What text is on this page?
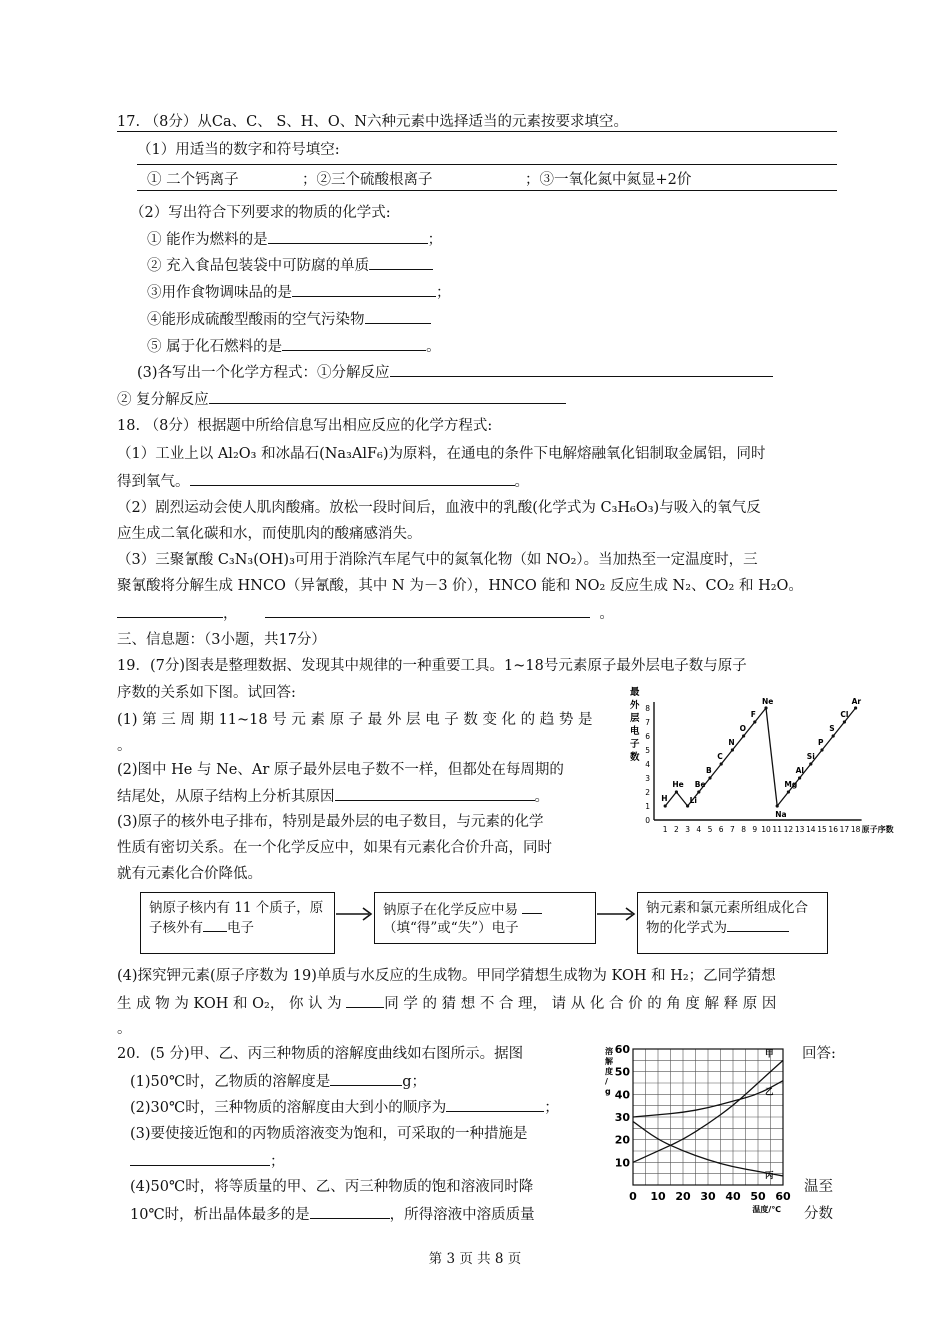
17. （8分）从Ca、C、 S、H、O、N六种元素中选择适当的元素按要求填空。
（1）用适当的数字和符号填空:
① 二个钙离子	；②三个硫酸根离子	；③一氧化氮中氮显+2价
（2）写出符合下列要求的物质的化学式:
① 能作为燃料的是	；
② 充入食品包装袋中可防腐的单质
③用作食物调味品的是	；
④能形成硫酸型酸雨的空气污染物
⑤ 属于化石燃料的是	。
(3)各写出一个化学方程式：①分解反应
② 复分解反应
18. （8分）根据题中所给信息写出相应反应的化学方程式:
（1）工业上以 Al₂O₃ 和冰晶石(Na₃AlF₆)为原料，在通电的条件下电解熔融氧化铝制取金属铝，同时
得到氧气。	。
（2）剧烈运动会使人肌肉酸痛。放松一段时间后，血液中的乳酸(化学式为 C₃H₆O₃)与吸入的氧气反
应生成二氧化碳和水，而使肌肉的酸痛感消失。
（3）三聚氰酸 C₃N₃(OH)₃可用于消除汽车尾气中的氮氧化物（如 NO₂）。当加热至一定温度时，三
聚氰酸将分解生成 HNCO（异氰酸，其中 N 为－3 价），HNCO 能和 NO₂ 反应生成 N₂、CO₂ 和 H₂O。
，	。
三、信息题：（3小题，共17分）
19．(7分)图表是整理数据、发现其中规律的一种重要工具。1~18号元素原子最外层电子数与原子
序数的关系如下图。试回答:
(1) 第 三 周 期 11~18 号 元 素 原 子 最 外 层 电 子 数 变 化 的 趋 势 是
。
(2)图中 He 与 Ne、Ar 原子最外层电子数不一样，但都处在每周期的
结尾处，从原子结构上分析其原因	。
(3)原子的核外电子排布，特别是最外层的电子数目，与元素的化学
性质有密切关系。在一个化学反应中，如果有元素化合价升高，同时
就有元素化合价降低。
最
外
层
电
子
数
0
1
2
3
4
5
6
7
8
1 2 3 4 5 6 7 8 9 10 11 12 13 14 15 16 17 18 原子序数
H
He
Li
Be
B
C
N
O
F
Ne
Na
Mg
Al
Si
P
S
Cl
Ar
钠原子核内有 11 个质子，原
子核外有 电子
钠原子在化学反应中易
（填“得”或“失”）电子
钠元素和氯元素所组成化合
物的化学式为
(4)探究钾元素(原子序数为 19)单质与水反应的生成物。甲同学猜想生成物为 KOH 和 H₂；乙同学猜想
生 成 物 为 KOH 和 O₂， 你 认 为	同 学 的 猜 想 不 合 理， 请 从 化 合 价 的 角 度 解 释 原 因
。
20．(5 分)甲、乙、丙三种物质的溶解度曲线如右图所示。据图	回答:
(1)50℃时，乙物质的溶解度是	g；
(2)30℃时，三种物质的溶解度由大到小的顺序为	；
(3)要使接近饱和的丙物质溶液变为饱和，可采取的一种措施是
；
(4)50℃时，将等质量的甲、乙、丙三种物质的饱和溶液同时降	温至
10℃时，析出晶体最多的是	，所得溶液中溶质质量	分数
溶
解
度
/
g
10
20
30
40
50
60
0 10 20 30 40 50 60
温度/℃
甲
乙
丙
第 3 页 共 8 页
